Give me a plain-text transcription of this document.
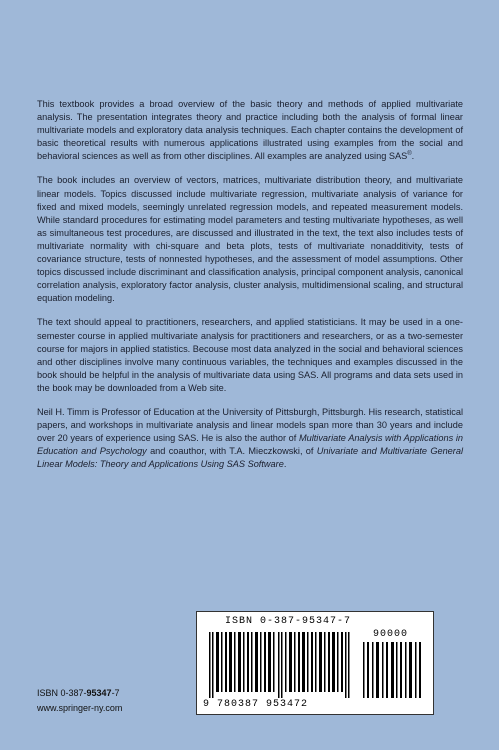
This textbook provides a broad overview of the basic theory and methods of applied multivariate analysis. The presentation integrates theory and practice including both the analysis of formal linear multivariate models and exploratory data analysis techniques. Each chapter contains the development of basic theoretical results with numerous applications illustrated using examples from the social and behavioral sciences as well as from other disciplines. All examples are analyzed using SAS®.

The book includes an overview of vectors, matrices, multivariate distribution theory, and multivariate linear models. Topics discussed include multivariate regression, multivariate analysis of variance for fixed and mixed models, seemingly unrelated regression models, and repeated measurement models. While standard procedures for estimating model parameters and testing multivariate hypotheses, as well as simultaneous test procedures, are discussed and illustrated in the text, the text also includes tests of multivariate normality with chi-square and beta plots, tests of multivariate nonadditivity, tests of covariance structure, tests of nonnested hypotheses, and the assessment of model assumptions. Other topics discussed include discriminant and classification analysis, principal component analysis, canonical correlation analysis, exploratory factor analysis, cluster analysis, multidimensional scaling, and structural equation modeling.

The text should appeal to practitioners, researchers, and applied statisticians. It may be used in a one-semester course in applied multivariate analysis for practitioners and researchers, or as a two-semester course for majors in applied statistics. Becouse most data analyzed in the social and behavioral sciences and other disciplines involve many continuous variables, the techniques and examples discussed in the book should be helpful in the analysis of multivariate data using SAS. All programs and data sets used in the book may be downloaded from a Web site.

Neil H. Timm is Professor of Education at the University of Pittsburgh, Pittsburgh. His research, statistical papers, and workshops in multivariate analysis and linear models span more than 30 years and include over 20 years of experience using SAS. He is also the author of Multivariate Analysis with Applications in Education and Psychology and coauthor, with T.A. Mieczkowski, of Univariate and Multivariate General Linear Models: Theory and Applications Using SAS Software.

ISBN 0-387-95347-7
www.springer-ny.com
ISBN 0-387-95347-7
90000
9 780387 953472
